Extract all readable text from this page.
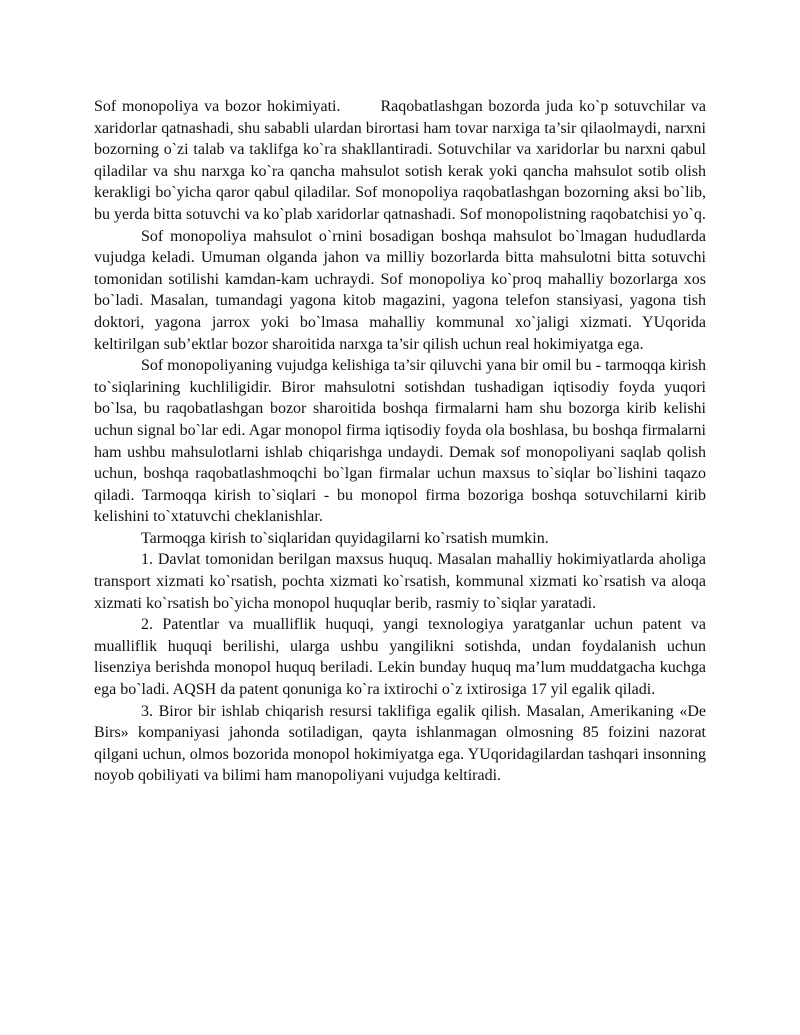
Sof monopoliya va bozor hokimiyati.	Raqobatlashgan bozorda juda ko`p sotuvchilar va xaridorlar qatnashadi, shu sababli ulardan birortasi ham tovar narxiga ta’sir qilaolmaydi, narxni bozorning o`zi talab va taklifga ko`ra shakllantiradi. Sotuvchilar va xaridorlar bu narxni qabul qiladilar va shu narxga ko`ra qancha mahsulot sotish kerak yoki qancha mahsulot sotib olish kerakligi bo`yicha qaror qabul qiladilar. Sof monopoliya raqobatlashgan bozorning aksi bo`lib, bu yerda bitta sotuvchi va ko`plab xaridorlar qatnashadi. Sof monopolistning raqobatchisi yo`q.

Sof monopoliya mahsulot o`rnini bosadigan boshqa mahsulot bo`lmagan hududlarda vujudga keladi. Umuman olganda jahon va milliy bozorlarda bitta mahsulotni bitta sotuvchi tomonidan sotilishi kamdan-kam uchraydi. Sof monopoliya ko`proq mahalliy bozorlarga xos bo`ladi. Masalan, tumandagi yagona kitob magazini, yagona telefon stansiyasi, yagona tish doktori, yagona jarrox yoki bo`lmasa mahalliy kommunal xo`jaligi xizmati. YUqorida keltirilgan sub’ektlar bozor sharoitida narxga ta’sir qilish uchun real hokimiyatga ega.

Sof monopoliyaning vujudga kelishiga ta’sir qiluvchi yana bir omil bu - tarmoqqa kirish to`siqlarining kuchliligidir. Biror mahsulotni sotishdan tushadigan iqtisodiy foyda yuqori bo`lsa, bu raqobatlashgan bozor sharoitida boshqa firmalarni ham shu bozorga kirib kelishi uchun signal bo`lar edi. Agar monopol firma iqtisodiy foyda ola boshlasa, bu boshqa firmalarni ham ushbu mahsulotlarni ishlab chiqarishga undaydi. Demak sof monopoliyani saqlab qolish uchun, boshqa raqobatlashmoqchi bo`lgan firmalar uchun maxsus to`siqlar bo`lishini taqazo qiladi. Tarmoqqa kirish to`siqlari - bu monopol firma bozoriga boshqa sotuvchilarni kirib kelishini to`xtatuvchi cheklanishlar.

Tarmoqga kirish to`siqlaridan quyidagilarni ko`rsatish mumkin.

1. Davlat tomonidan berilgan maxsus huquq. Masalan mahalliy hokimiyatlarda aholiga transport xizmati ko`rsatish, pochta xizmati ko`rsatish, kommunal xizmati ko`rsatish va aloqa xizmati ko`rsatish bo`yicha monopol huquqlar berib, rasmiy to`siqlar yaratadi.

2. Patentlar va mualliflik huquqi, yangi texnologiya yaratganlar uchun patent va mualliflik huquqi berilishi, ularga ushbu yangilikni sotishda, undan foydalanish uchun lisenziya berishda monopol huquq beriladi. Lekin bunday huquq ma’lum muddatgacha kuchga ega bo`ladi. AQSH da patent qonuniga ko`ra ixtirochi o`z ixtirosiga 17 yil egalik qiladi.

3. Biror bir ishlab chiqarish resursi taklifiga egalik qilish. Masalan, Amerikaning «De Birs» kompaniyasi jahonda sotiladigan, qayta ishlanmagan olmosning 85 foizini nazorat qilgani uchun, olmos bozorida monopol hokimiyatga ega. YUqoridagilardan tashqari insonning noyob qobiliyati va bilimi ham manopoliyani vujudga keltiradi.
